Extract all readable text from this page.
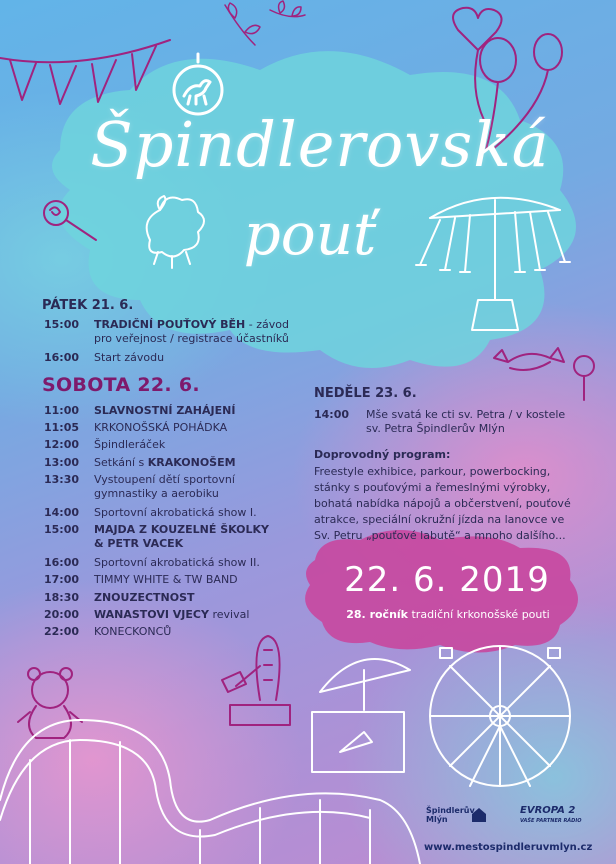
Špindlerovská
pouť
PÁTEK 21. 6.
15:00	TRADIČNÍ POUŤOVÝ BĚH - závod
pro veřejnost / registrace účastníků
16:00	Start závodu
SOBOTA 22. 6.
11:00	SLAVNOSTNÍ ZAHÁJENÍ
11:05	KRKONOŠSKÁ POHÁDKA
12:00	Špindleráček
13:00	Setkání s KRAKONOŠEM
13:30	Vystoupení dětí sportovní
gymnastiky a aerobiku
14:00	Sportovní akrobatická show I.
15:00	MAJDA Z KOUZELNÉ ŠKOLKY
& PETR VACEK
16:00	Sportovní akrobatická show II.
17:00	TIMMY WHITE & TW BAND
18:30	ZNOUZECTNOST
20:00	WANASTOVI VJECY revival
22:00	KONECKONCŮ
NEDĚLE 23. 6.
14:00 Mše svatá ke cti sv. Petra / v kostele
sv. Petra Špindlerův Mlýn
Doprovodný program:
Freestyle exhibice, parkour, powerbocking,
stánky s pouťovými a řemeslnými výrobky,
bohatá nabídka nápojů a občerstvení, pouťové
atrakce, speciální okružní jízda na lanovce ve
Sv. Petru „pouťové labutě“ a mnoho dalšího...
22. 6. 2019
28. ročník tradiční krkonošské pouti
Špindlerův
Mlýn
EVROPA 2
VAŠE PARTNER RÁDIO
www.mestospindleruvmlyn.cz
